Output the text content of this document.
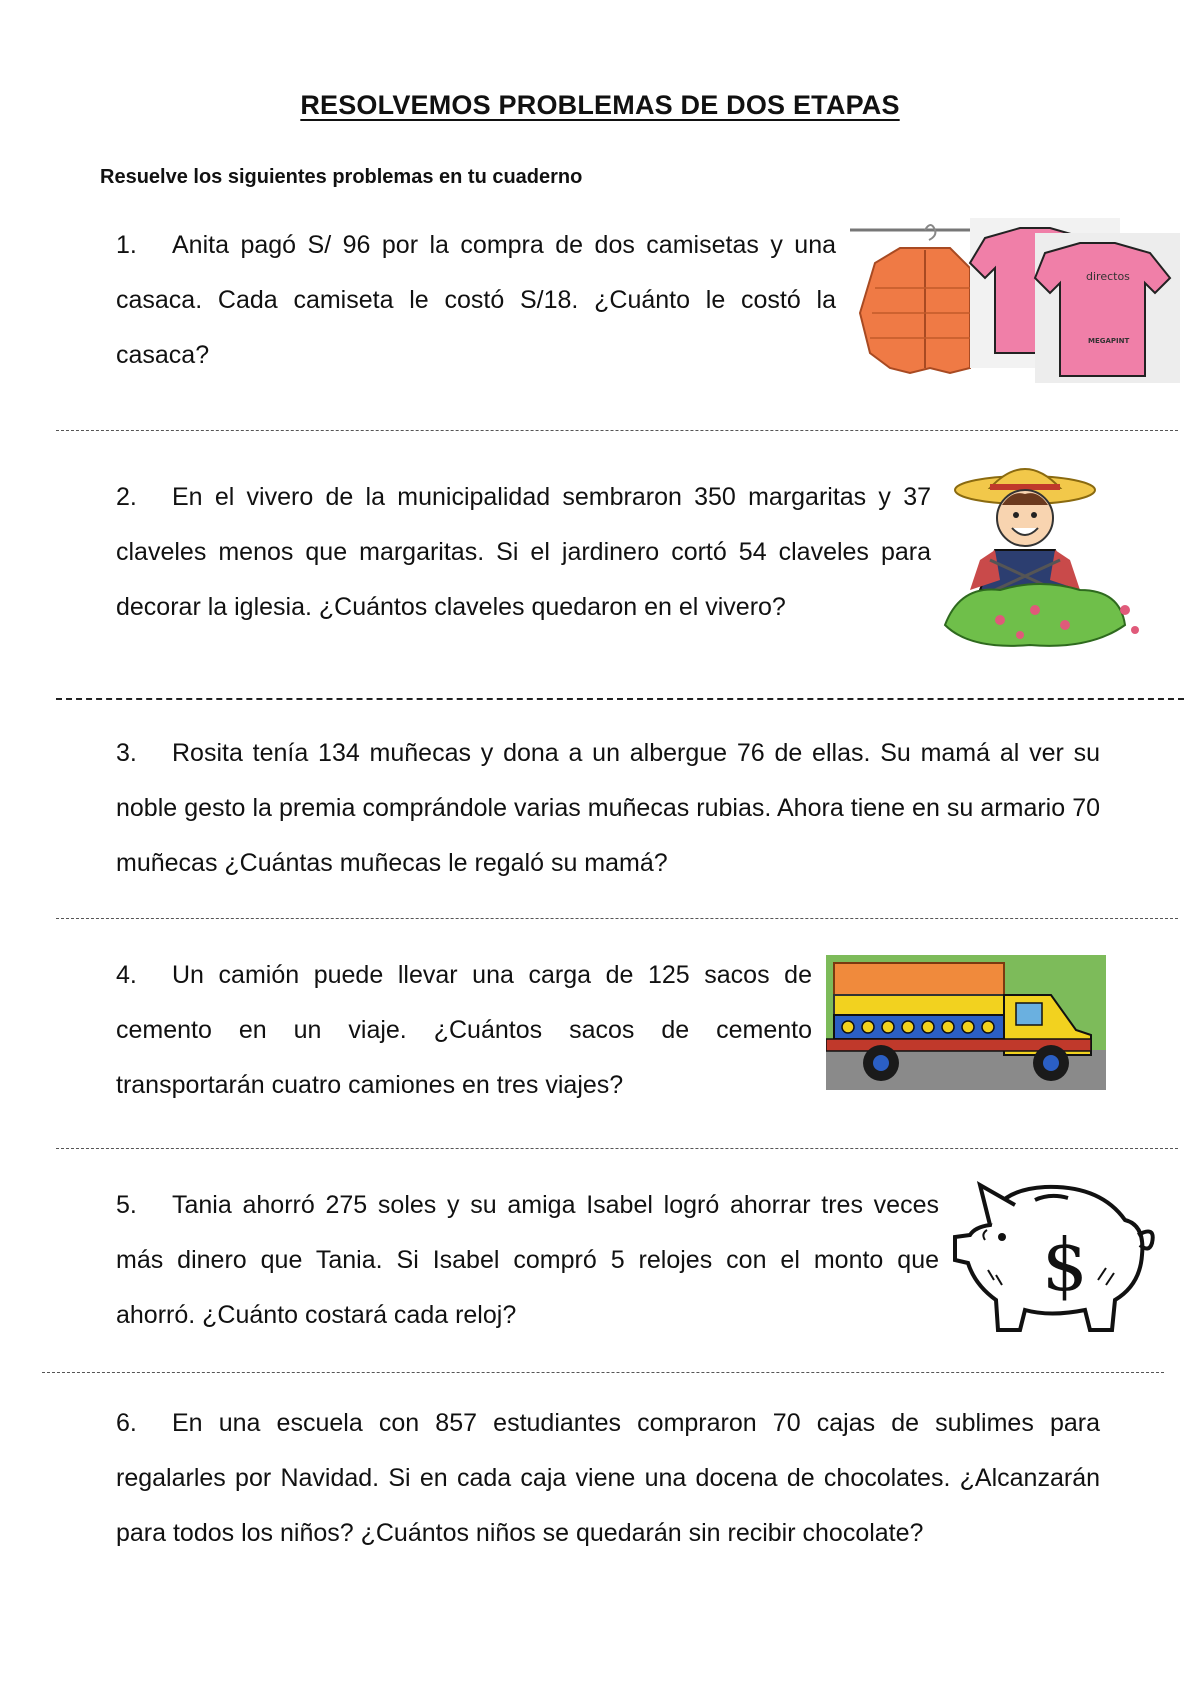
RESOLVEMOS PROBLEMAS DE DOS ETAPAS
Resuelve los siguientes problemas en tu cuaderno
1. Anita pagó S/ 96 por la compra de dos camisetas y una casaca. Cada camiseta le costó S/18. ¿Cuánto le costó la casaca?
directos
MEGAPINT
2. En el vivero de la municipalidad sembraron 350 margaritas y 37 claveles menos que margaritas. Si el jardinero cortó 54 claveles para decorar la iglesia. ¿Cuántos claveles quedaron en el vivero?
3. Rosita tenía 134 muñecas y dona a un albergue 76 de ellas. Su mamá al ver su noble gesto la premia comprándole varias muñecas rubias. Ahora tiene en su armario 70 muñecas ¿Cuántas muñecas le regaló su mamá?
4. Un camión puede llevar una carga de 125 sacos de cemento en un viaje. ¿Cuántos sacos de cemento transportarán cuatro camiones en tres viajes?
5. Tania ahorró 275 soles y su amiga Isabel logró ahorrar tres veces más dinero que Tania. Si Isabel compró 5 relojes con el monto que ahorró. ¿Cuánto costará cada reloj?
$
6. En una escuela con 857 estudiantes compraron 70 cajas de sublimes para regalarles por Navidad. Si en cada caja viene una docena de chocolates. ¿Alcanzarán para todos los niños? ¿Cuántos niños se quedarán sin recibir chocolate?
